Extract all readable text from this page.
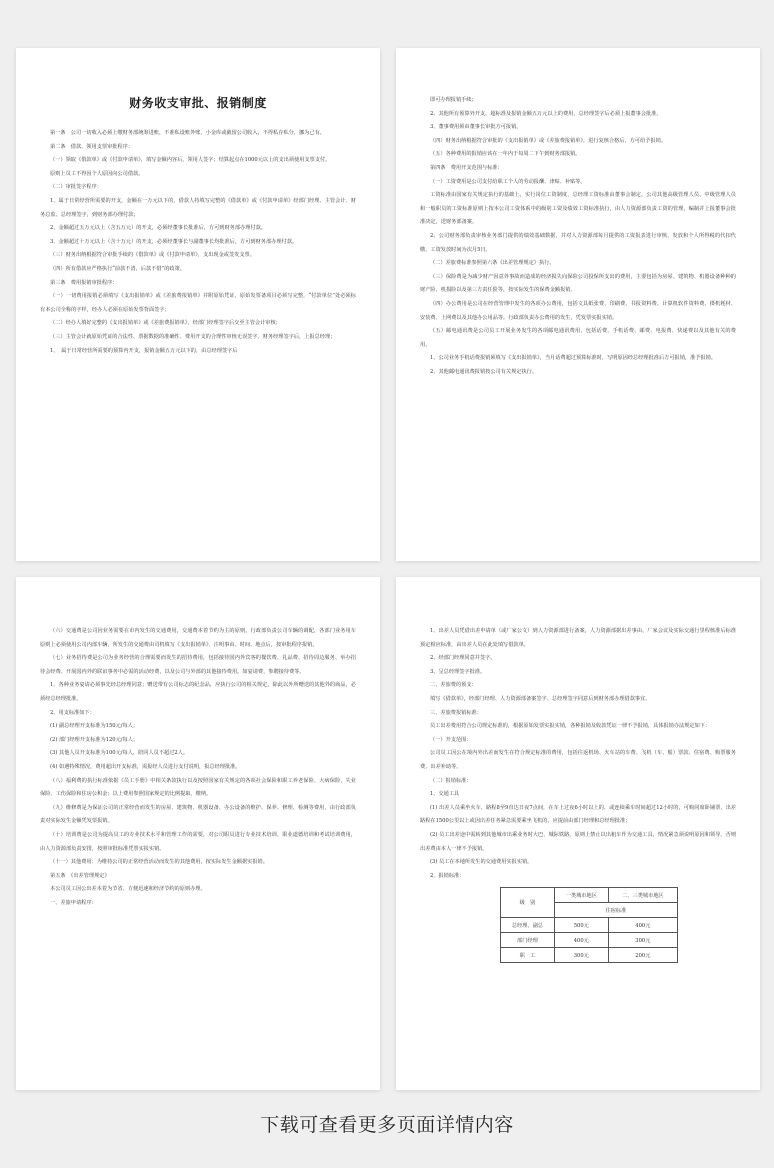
财务收支审批、报销制度

第一条　公司一切收入必须上缴财务部统筹进账，不准私设账外账、小金库或截留公司收入，不得私存私分，挪为己有。

第二条　借款、领用支票审批程序：

（一）领取《借款单》或《付款申请单》，填写金额内容后，领用人签字；结算起点在1000元以上的支出须使用支票支付。

原则上员工不得因个人原因向公司借款。

（二）审批签字程序：

1、属于日常经营所需要的开支，金额在一万元以下的，借款人持填写完整的《借款单》或《付款申请单》经部门经理、主管会计、财务总监、总经理签字，到财务部办理付款；

2、金额超过五万元以上（含五万元）的开支，必须经董事长批准后，方可到财务部办理付款。

3、金额超过十万元以上（含十万元）的开支，必须经董事长与副董事长均批准后，方可到财务部办理付款。

（三）财务出纳根据符合审批手续的《借款单》或《付款申请单》，支出现金或签发支票。

（四）所有借款应严格执行“前款不清，后款不借”的政策。

第三条　费用报销审批程序：

（一）一切费用报销必须填写《支出报销单》或《差旅费报销单》并附原始凭证，原始发票备项目必须写完整，“付款单位”处必须标有本公司全称的字样，经办人必须在原始发票背面签字；

（二）经办人填好完整的《支出报销单》或《差旅费报销单》，经部门经理签字后交至主管会计审核；

（三）主管会计就原始凭证的合法性、票据数据的准确性、费用开支的合理性审核无误签字，财务经理签字后，上报总经理；

1、　属于日常经营所需要的预算内开支，报销金额五万元以下的，由总经理签字后

即可办理报销手续；

2、其他所有预算外开支，超标准及报销金额五万元以上的费用，总经理签字后必须上报董事会批准。

3、董事费用须由董事长审批方可报销。

（四）财务出纳根据符合审批的《支出报销单》或《差旅费报销单》，进行复核合格后，方可给予报销。

（五）各种费用的报销应该在一年内于每周二下午到财务部报销。

第四条　费用开支范围与标准：

（一）工资费用是公司支付给职工个人的劳动报酬、津贴、补贴等。

工资标准由国家有关规定执行的基础上，实行岗位工资制度，总经理工资标准由董事会制定，公司其他高级管理人员、中级管理人员和一般职员的工资标准原则上按本公司工资体系中的级别工资及绩效工资标准执行，由人力资源部负责工资的管理，编制并上报董事会批准决定，送财务部备案。

2、公司财务部负责审核业务部门提供的绩效基础数据，并对人力资源部每月提供的工资报表进行审核、发放和个人所得税的代扣代缴，工资发放时间为次月5日。

（二）差旅费标准参照第六条《出差管理规定》执行。

（三）保险费是为减少财产因意外事故而造成的经济损失向保险公司投保所支出的费用，主要包括为房屋、建筑物、机器设备种种的财产险、机损险以及第三方责任险等，按实际发生的保费金额报销。

（四）办公费用是公司在经营管理中发生的各项办公费用，包括文具纸张费、印刷费、书报资料费、计算机软件资料费、摄机耗材、安装费、上网费以及其他办公用品等。行政部负责办公费用的发生，凭发票实报实销。

（五）邮电通讯费是公司员工开展业务发生的各项邮电通讯费用，包括话费、手机话费、邮费、电报费、快递费以及其他有关的费用。

1、公司业务手机话费报销须填写《支出报销单》，当月话费超过预算标准时，写明原因经总经理批准后方可报销，准予报销。

2、其他邮电通讯费报销按公司有关规定执行。

（六）交通费是公司因业务需要在市内发生的交通费用，交通费本着节约为主的原则，行政部负责公司车辆的调配，各部门业务用车原则上必须使用公司内部车辆，所发生的交通费由司机填写《支出报销单》，注明事由、时间、地点后，按审批程序报销。

（七）业务招待费是公司为业务经营的合理需要而发生的招待费用，包括接待国内外宾客的餐饮费、礼品费、招待周边服务、举办招待会经费、开展国内外的联谊事务中必需的活动经费，以及公司与外部的其他接待费用。如宴请费、参聘接待费等。

1、各种业务宴请必须事先经总经理同意；赠送带有公司标志的纪念品，应执行公司的相关规定，除此以外所赠送的其他外的商品，必须经总经理批准。

2、用支标准如下：

(1) 副总经理开支标准为150元/每人；

(2) 部门经理开支标准为120元/每人；

(3) 其他人员开支标准为100元/每人，陪同人员不超过2人。

(4) 如遇特殊情况，费用超出开支标准，需报经人员进行支付说明，报总经理批准。

（八）福利费的执行标准依据《员工手册》中相关条款执行以及按照国家有关规定的各项社会保险和职工养老保险、大病保险、失业保险、工伤保险和住房公积金；以上费用参照国家规定的比例提取、缴纳。

（九）维修费是为保证公司的正常经营而发生的房屋、建筑物、机器设备、办公设备的维护、保养、修理、检测等费用，由行政部负责对实际发生金额凭发票报销。

（十）培训费是公司为提高员工的专业技术水平和管理工作的需要，对公司职员进行专业技术培训、职业道德培训和考试培训费用，由人力资源部负责安排，按照审批标准凭票实报实销。

（十一）其他费用：为维持公司的正常经营活动而发生的其他费用，按实际发生金额据实报销。

第五条　《出差管理规定》

本公司员工因公出差本着为节省、方便迅速和经济节约的原则办理。

一、差旅申请程序：

1、出差人员凭借出差申请单（或厂家公文）到人力资源部进行备案，人力资源部据出差事由、厂家会议及实际交通行里程核准后标准预定相应标准，由出差人员在此处填写借款单。

2、经部门经理同意并签字。

3、呈总经理签字批准。

二、差旅费的预支：

填写《借款单》，经部门经理、人力资源部备案签字、总经理签字同意后到财务部办理借款事宜。

三、差旅费报销标准：

员工出差费用符合公司规定标准的，根据原始发票实报实销，各种报销及收款凭证一律不予报销，具体报销办法规定如下：

（一）开支范围：

公司员工因公在境内外出差而发生在符合规定标准的费用，包括往返机场、火车站的车费、飞机（车、船）票款、住宿费、购票服务费、出差补助等。

（二）报销标准：

1、交通工具

(1) 出差人员乘坐火车，路程8至9直达日夜7点间，在车上过夜6小时以上的，或连续乘车时间超过12小时的，可购同席卧铺票，出差路程在1500公里以上或因出差任务紧急需要乘坐飞机的，应提前由部门经理和总经理批准；

(2) 员工出差途中需转到其他城市出乘业务时大巴、城际铁路，原则上禁止以出租车作为交通工具，情况紧急须说明原因和领导，否则出差费由本人一律不予报销。

(3) 员工在本地所发生的交通费用实报实销。

2、报销标准：

级　别	一类城市地区	二、三类城市地区
	住宿标准	
总经理、副总	500元	400元
部门经理	400元	300元
职　工	300元	200元
下载可查看更多页面详情内容
